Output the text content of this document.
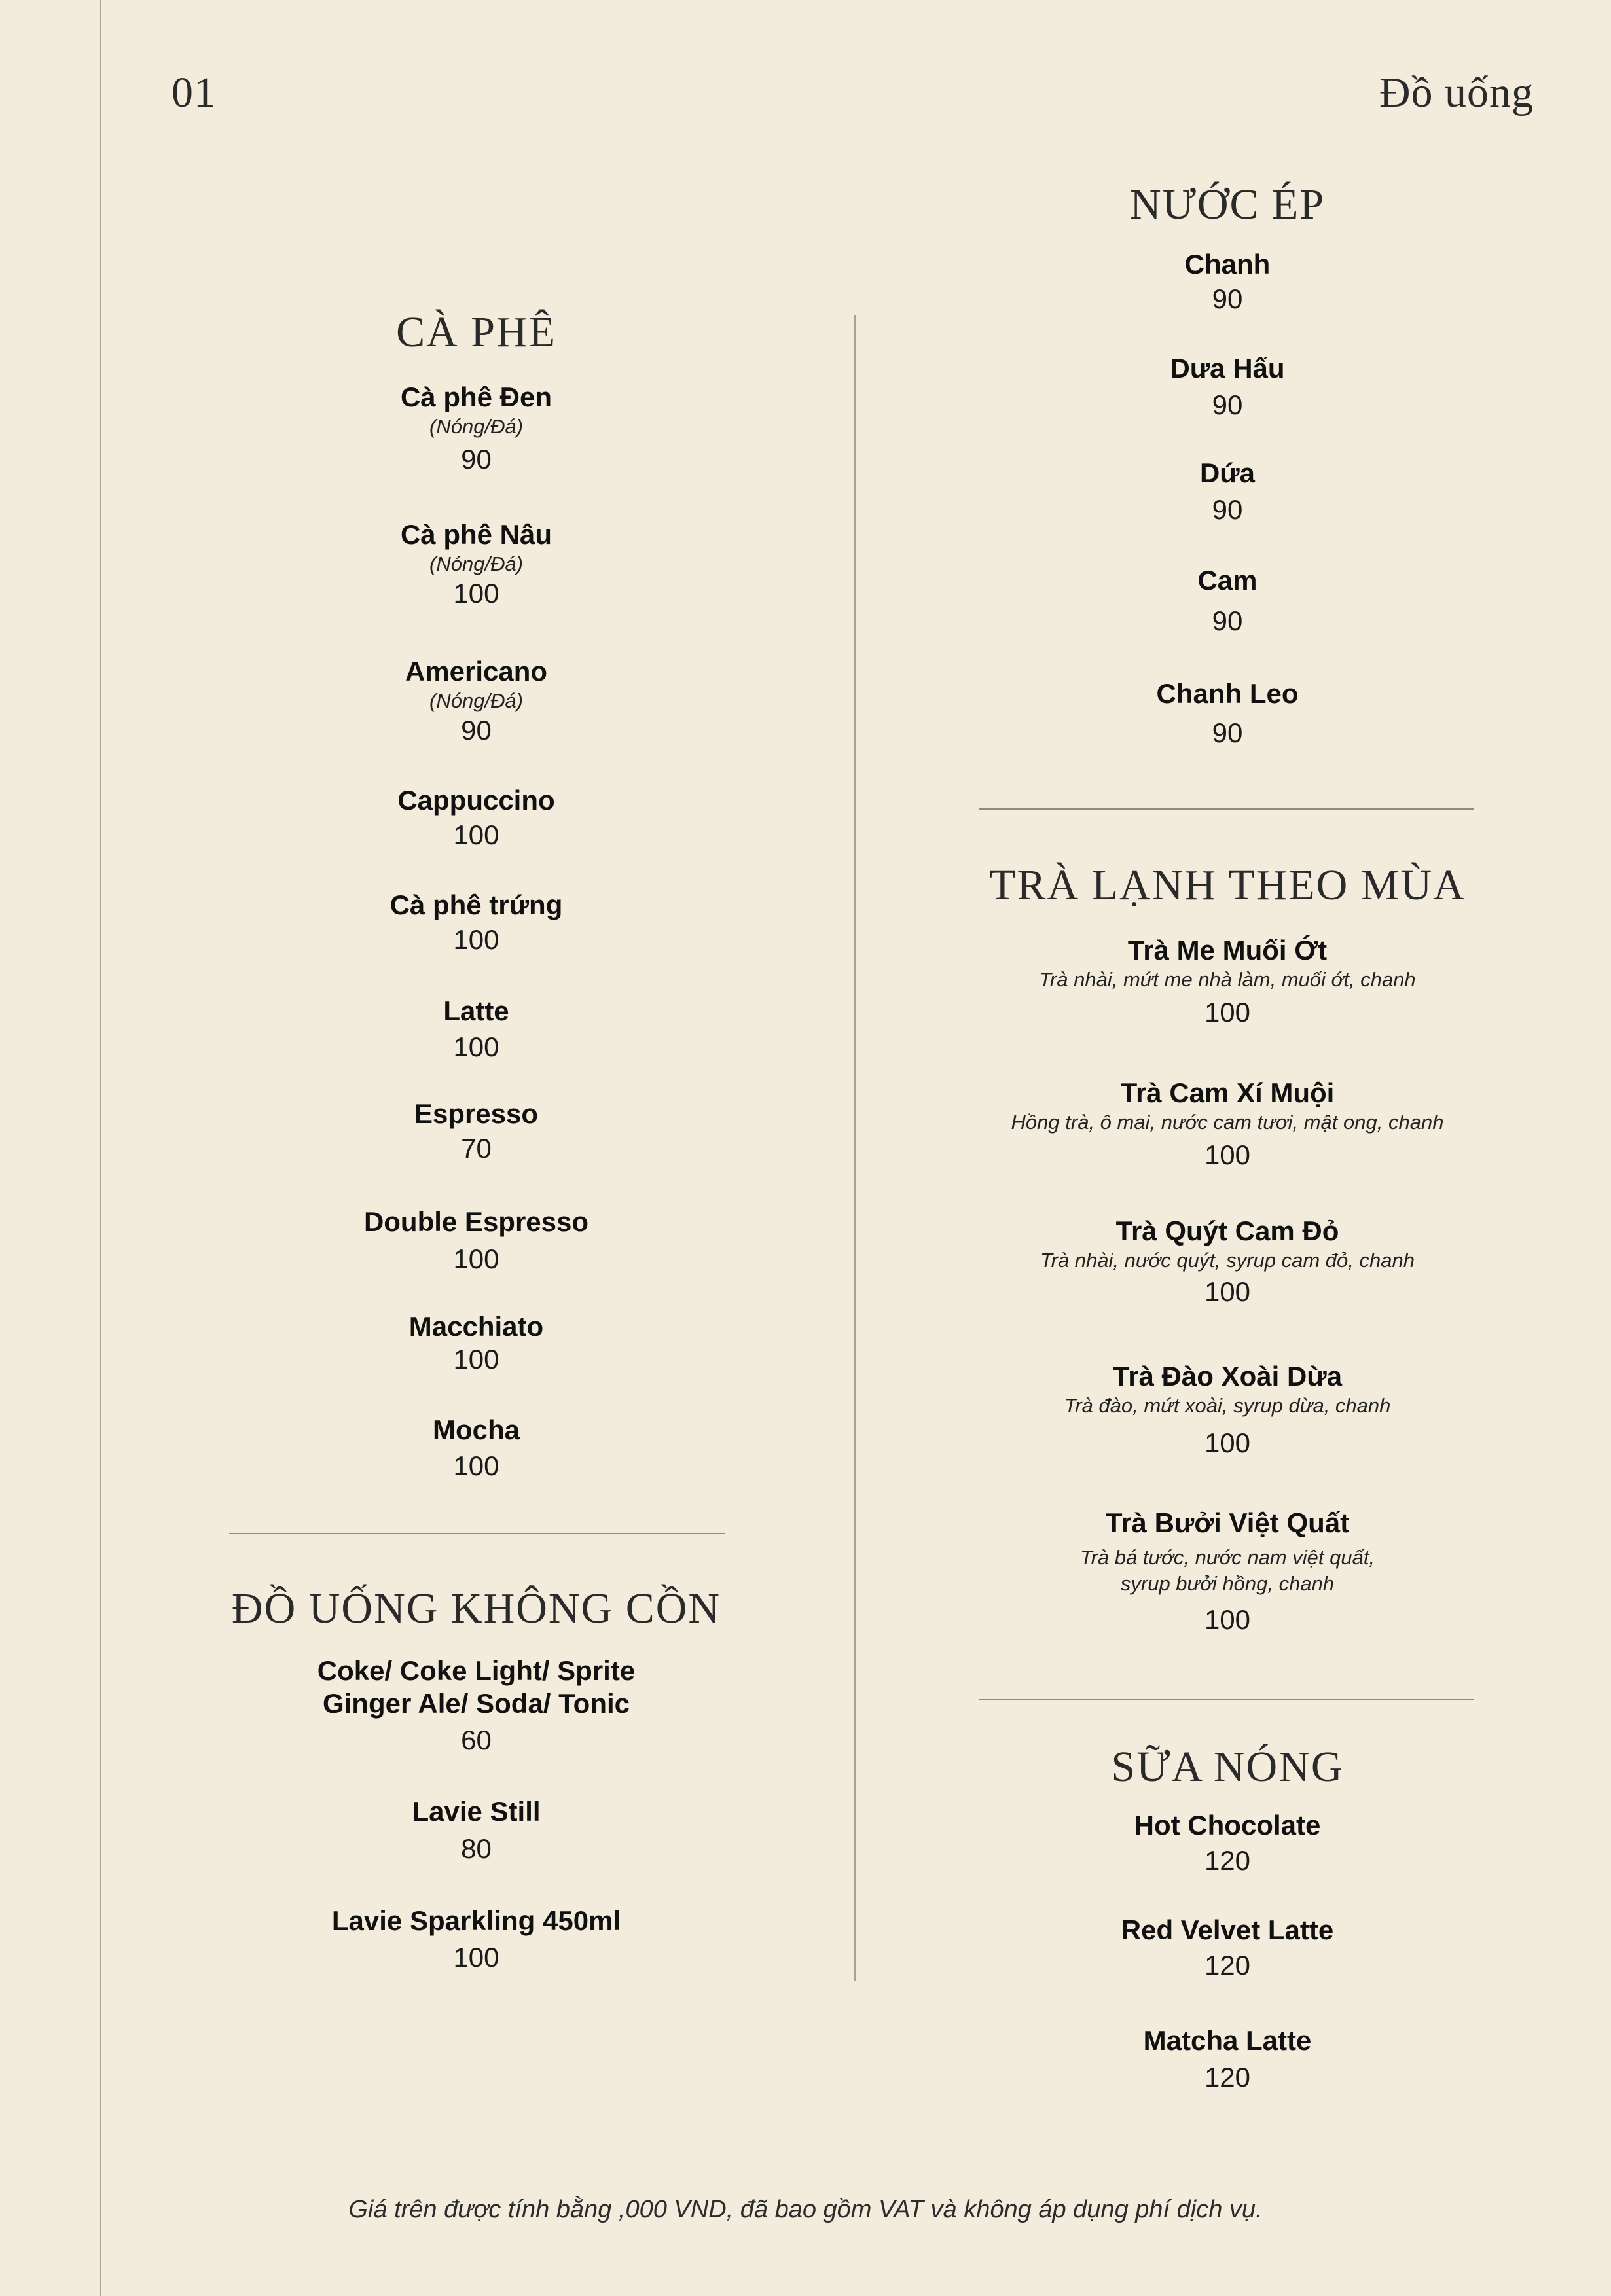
01	Đồ uống
CÀ PHÊ
Cà phê Đen
(Nóng/Đá)
90
Cà phê Nâu
(Nóng/Đá)
100
Americano
(Nóng/Đá)
90
Cappuccino
100
Cà phê trứng
100
Latte
100
Espresso
70
Double Espresso
100
Macchiato
100
Mocha
100
ĐỒ UỐNG KHÔNG CỒN
Coke/ Coke Light/ Sprite
Ginger Ale/ Soda/ Tonic
60
Lavie Still
80
Lavie Sparkling 450ml
100
NƯỚC ÉP
Chanh
90
Dưa Hấu
90
Dứa
90
Cam
90
Chanh Leo
90
TRÀ LẠNH THEO MÙA
Trà Me Muối Ớt
Trà nhài, mứt me nhà làm, muối ớt, chanh
100
Trà Cam Xí Muội
Hồng trà, ô mai, nước cam tươi, mật ong, chanh
100
Trà Quýt Cam Đỏ
Trà nhài, nước quýt, syrup cam đỏ, chanh
100
Trà Đào Xoài Dừa
Trà đào, mứt xoài, syrup dừa, chanh
100
Trà Bưởi Việt Quất
Trà bá tước, nước nam việt quất,
syrup bưởi hồng, chanh
100
SỮA NÓNG
Hot Chocolate
120
Red Velvet Latte
120
Matcha Latte
120
Giá trên được tính bằng ,000 VND, đã bao gồm VAT và không áp dụng phí dịch vụ.
